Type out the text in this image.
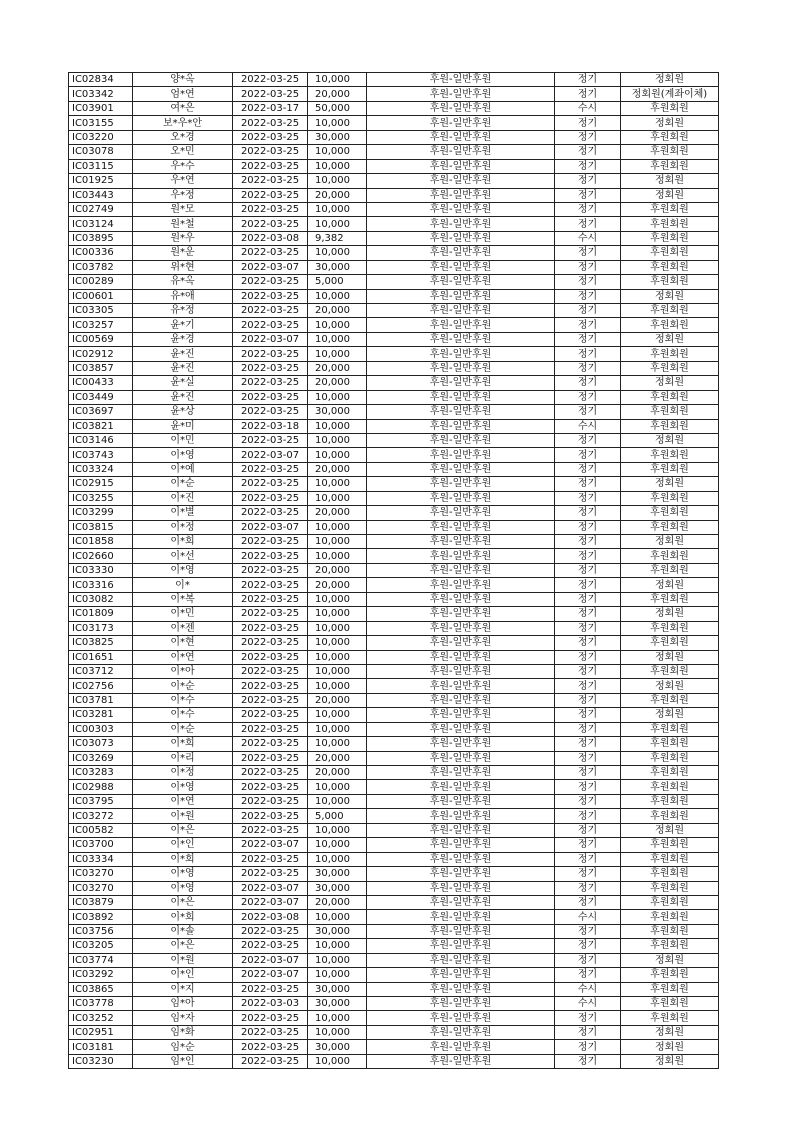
IC02834	양*옥	2022-03-25	10,000	후원-일반후원	정기	정회원
IC03342	엄*연	2022-03-25	20,000	후원-일반후원	정기	정회원(계좌이체)
IC03901	여*은	2022-03-17	50,000	후원-일반후원	수시	후원회원
IC03155	보*우*안	2022-03-25	10,000	후원-일반후원	정기	정회원
IC03220	오*경	2022-03-25	30,000	후원-일반후원	정기	후원회원
IC03078	오*민	2022-03-25	10,000	후원-일반후원	정기	후원회원
IC03115	우*수	2022-03-25	10,000	후원-일반후원	정기	후원회원
IC01925	우*연	2022-03-25	10,000	후원-일반후원	정기	정회원
IC03443	우*정	2022-03-25	20,000	후원-일반후원	정기	정회원
IC02749	원*모	2022-03-25	10,000	후원-일반후원	정기	후원회원
IC03124	원*철	2022-03-25	10,000	후원-일반후원	정기	후원회원
IC03895	원*우	2022-03-08	9,382	후원-일반후원	수시	후원회원
IC00336	원*운	2022-03-25	10,000	후원-일반후원	정기	후원회원
IC03782	위*현	2022-03-07	30,000	후원-일반후원	정기	후원회원
IC00289	유*옥	2022-03-25	5,000	후원-일반후원	정기	후원회원
IC00601	유*애	2022-03-25	10,000	후원-일반후원	정기	정회원
IC03305	유*정	2022-03-25	20,000	후원-일반후원	정기	후원회원
IC03257	윤*기	2022-03-25	10,000	후원-일반후원	정기	후원회원
IC00569	윤*경	2022-03-07	10,000	후원-일반후원	정기	정회원
IC02912	윤*진	2022-03-25	10,000	후원-일반후원	정기	후원회원
IC03857	윤*진	2022-03-25	20,000	후원-일반후원	정기	후원회원
IC00433	윤*실	2022-03-25	20,000	후원-일반후원	정기	정회원
IC03449	윤*진	2022-03-25	10,000	후원-일반후원	정기	후원회원
IC03697	윤*상	2022-03-25	30,000	후원-일반후원	정기	후원회원
IC03821	윤*미	2022-03-18	10,000	후원-일반후원	수시	후원회원
IC03146	이*민	2022-03-25	10,000	후원-일반후원	정기	정회원
IC03743	이*영	2022-03-07	10,000	후원-일반후원	정기	후원회원
IC03324	이*예	2022-03-25	20,000	후원-일반후원	정기	후원회원
IC02915	이*순	2022-03-25	10,000	후원-일반후원	정기	정회원
IC03255	이*진	2022-03-25	10,000	후원-일반후원	정기	후원회원
IC03299	이*별	2022-03-25	20,000	후원-일반후원	정기	후원회원
IC03815	이*정	2022-03-07	10,000	후원-일반후원	정기	후원회원
IC01858	이*희	2022-03-25	10,000	후원-일반후원	정기	정회원
IC02660	이*선	2022-03-25	10,000	후원-일반후원	정기	후원회원
IC03330	이*영	2022-03-25	20,000	후원-일반후원	정기	후원회원
IC03316	이*	2022-03-25	20,000	후원-일반후원	정기	정회원
IC03082	이*복	2022-03-25	10,000	후원-일반후원	정기	후원회원
IC01809	이*민	2022-03-25	10,000	후원-일반후원	정기	정회원
IC03173	이*젠	2022-03-25	10,000	후원-일반후원	정기	후원회원
IC03825	이*현	2022-03-25	10,000	후원-일반후원	정기	후원회원
IC01651	이*연	2022-03-25	10,000	후원-일반후원	정기	정회원
IC03712	이*아	2022-03-25	10,000	후원-일반후원	정기	후원회원
IC02756	이*순	2022-03-25	10,000	후원-일반후원	정기	정회원
IC03781	이*수	2022-03-25	20,000	후원-일반후원	정기	후원회원
IC03281	이*수	2022-03-25	10,000	후원-일반후원	정기	정회원
IC00303	이*순	2022-03-25	10,000	후원-일반후원	정기	후원회원
IC03073	이*희	2022-03-25	10,000	후원-일반후원	정기	후원회원
IC03269	이*리	2022-03-25	20,000	후원-일반후원	정기	후원회원
IC03283	이*정	2022-03-25	20,000	후원-일반후원	정기	후원회원
IC02988	이*영	2022-03-25	10,000	후원-일반후원	정기	후원회원
IC03795	이*연	2022-03-25	10,000	후원-일반후원	정기	후원회원
IC03272	이*원	2022-03-25	5,000	후원-일반후원	정기	후원회원
IC00582	이*은	2022-03-25	10,000	후원-일반후원	정기	정회원
IC03700	이*인	2022-03-07	10,000	후원-일반후원	정기	후원회원
IC03334	이*희	2022-03-25	10,000	후원-일반후원	정기	후원회원
IC03270	이*영	2022-03-25	30,000	후원-일반후원	정기	후원회원
IC03270	이*영	2022-03-07	30,000	후원-일반후원	정기	후원회원
IC03879	이*은	2022-03-07	20,000	후원-일반후원	정기	후원회원
IC03892	이*희	2022-03-08	10,000	후원-일반후원	수시	후원회원
IC03756	이*솔	2022-03-25	30,000	후원-일반후원	정기	후원회원
IC03205	이*은	2022-03-25	10,000	후원-일반후원	정기	후원회원
IC03774	이*원	2022-03-07	10,000	후원-일반후원	정기	정회원
IC03292	이*인	2022-03-07	10,000	후원-일반후원	정기	후원회원
IC03865	이*지	2022-03-25	30,000	후원-일반후원	수시	후원회원
IC03778	임*아	2022-03-03	30,000	후원-일반후원	수시	후원회원
IC03252	임*자	2022-03-25	10,000	후원-일반후원	정기	후원회원
IC02951	임*화	2022-03-25	10,000	후원-일반후원	정기	정회원
IC03181	임*순	2022-03-25	30,000	후원-일반후원	정기	정회원
IC03230	임*인	2022-03-25	10,000	후원-일반후원	정기	정회원
